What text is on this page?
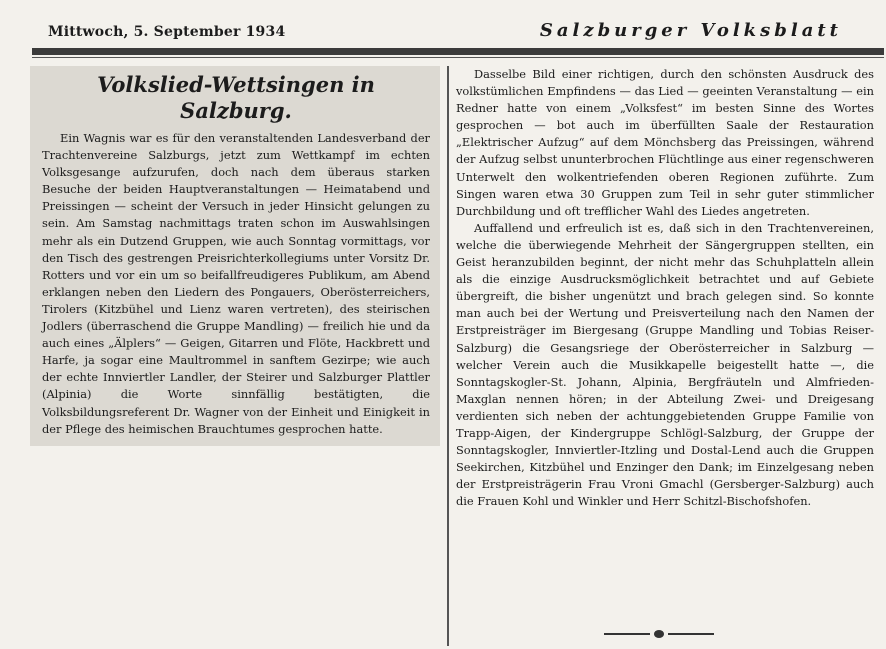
Mittwoch, 5. September 1934	Salzburger Volksblatt
Volkslied-Wettsingen in Salzburg.

Ein Wagnis war es für den veranstaltenden Landesverband der Trachtenvereine Salzburgs, jetzt zum Wettkampf im echten Volksgesange aufzurufen, doch nach dem überaus starken Besuche der beiden Hauptveranstaltungen — Heimatabend und Preissingen — scheint der Versuch in jeder Hinsicht gelungen zu sein. Am Samstag nachmittags traten schon im Auswahlsingen mehr als ein Dutzend Gruppen, wie auch Sonntag vormittags, vor den Tisch des gestrengen Preisrichterkollegiums unter Vorsitz Dr. Rotters und vor ein um so beifallfreudigeres Publikum, am Abend erklangen neben den Liedern des Pongauers, Oberösterreichers, Tirolers (Kitzbühel und Lienz waren vertreten), des steirischen Jodlers (überraschend die Gruppe Mandling) — freilich hie und da auch eines „Älplers“ — Geigen, Gitarren und Flöte, Hackbrett und Harfe, ja sogar eine Maultrommel in sanftem Gezirpe; wie auch der echte Innviertler Landler, der Steirer und Salzburger Plattler (Alpinia) die Worte sinnfällig bestätigten, die Volksbildungsreferent Dr. Wagner von der Einheit und Einigkeit in der Pflege des heimischen Brauchtumes gesprochen hatte.

Dasselbe Bild einer richtigen, durch den schönsten Ausdruck des volkstümlichen Empfindens — das Lied — geeinten Veranstaltung — ein Redner hatte von einem „Volksfest“ im besten Sinne des Wortes gesprochen — bot auch im überfüllten Saale der Restauration „Elektrischer Aufzug“ auf dem Mönchsberg das Preissingen, während der Aufzug selbst ununterbrochen Flüchtlinge aus einer regenschweren Unterwelt den wolkentriefenden oberen Regionen zuführte. Zum Singen waren etwa 30 Gruppen zum Teil in sehr guter stimmlicher Durchbildung und oft trefflicher Wahl des Liedes angetreten.

Auffallend und erfreulich ist es, daß sich in den Trachtenvereinen, welche die überwiegende Mehrheit der Sängergruppen stellten, ein Geist heranzubilden beginnt, der nicht mehr das Schuhplatteln allein als die einzige Ausdrucksmöglichkeit betrachtet und auf Gebiete übergreift, die bisher ungenützt und brach gelegen sind. So konnte man auch bei der Wertung und Preisverteilung nach den Namen der Erstpreisträger im Biergesang (Gruppe Mandling und Tobias Reiser-Salzburg) die Gesangsriege der Oberösterreicher in Salzburg — welcher Verein auch die Musikkapelle beigestellt hatte —, die Sonntagskogler-St. Johann, Alpinia, Bergfräuteln und Almfrieden-Maxglan nennen hören; in der Abteilung Zwei- und Dreigesang verdienten sich neben der achtunggebietenden Gruppe Familie von Trapp-Aigen, der Kindergruppe Schlögl-Salzburg, der Gruppe der Sonntagskogler, Innviertler-Itzling und Dostal-Lend auch die Gruppen Seekirchen, Kitzbühel und Enzinger den Dank; im Einzelgesang neben der Erstpreisträgerin Frau Vroni Gmachl (Gersberger-Salzburg) auch die Frauen Kohl und Winkler und Herr Schitzl-Bischofshofen.
